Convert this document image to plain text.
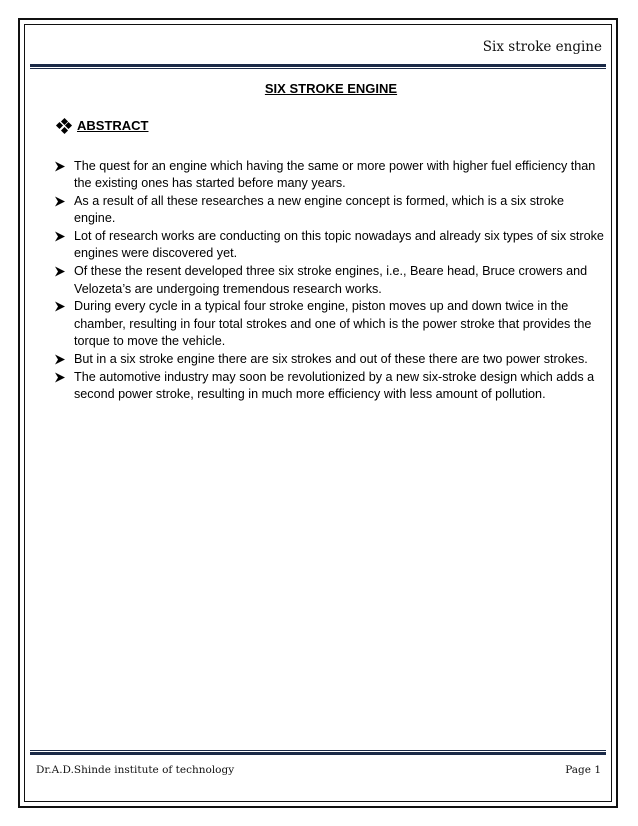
Six stroke engine
SIX STROKE ENGINE
ABSTRACT
The quest for an engine which having the same or more power with higher fuel efficiency than the existing ones has started before many years.
As a result of all these researches a new engine concept is formed, which is a six stroke engine.
Lot of research works are conducting on this topic nowadays and already six types of six stroke engines were discovered yet.
Of these the resent developed three six stroke engines, i.e., Beare head, Bruce crowers and Velozeta’s are undergoing tremendous research works.
During every cycle in a typical four stroke engine, piston moves up and down twice in the chamber, resulting in four total strokes and one of which is the power stroke that provides the torque to move the vehicle.
But in a six stroke engine there are six strokes and out of these there are two power strokes.
The automotive industry may soon be revolutionized by a new six-stroke design which adds a second power stroke, resulting in much more efficiency with less amount of pollution.
Dr.A.D.Shinde institute of technology	Page 1
